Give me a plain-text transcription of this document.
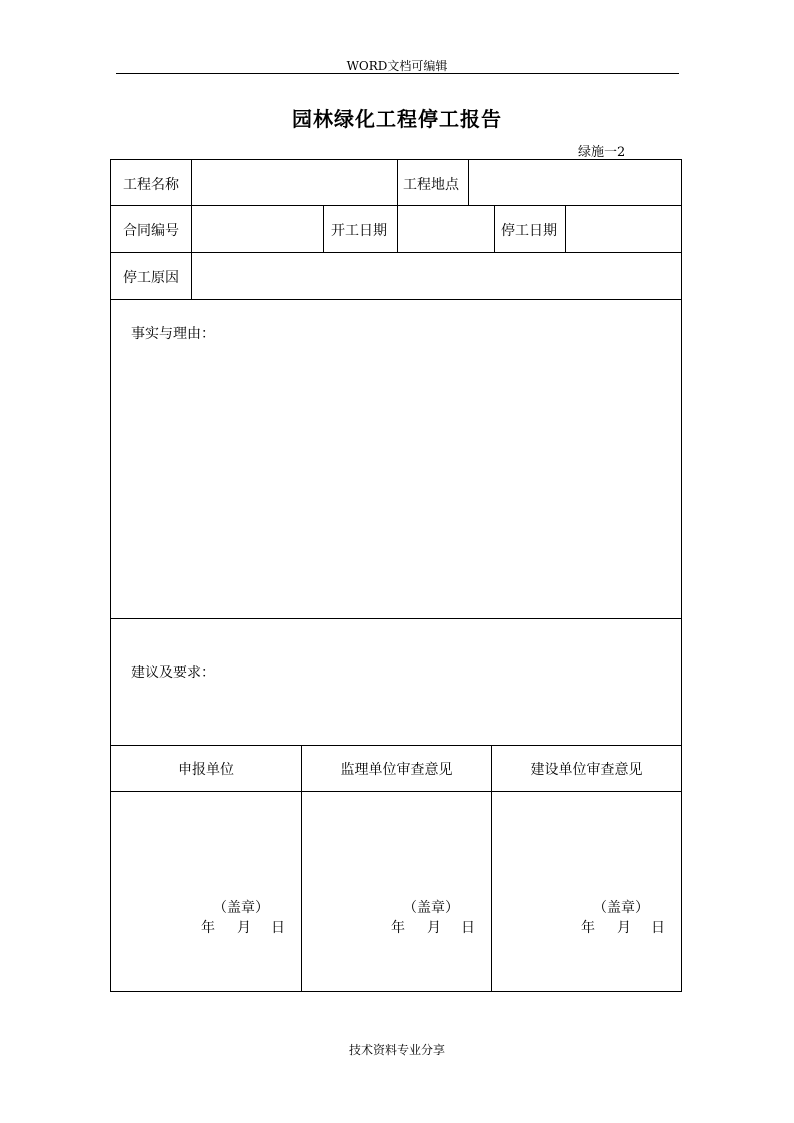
WORD文档可编辑
园林绿化工程停工报告
绿施一2
工程名称	工程地点
合同编号	开工日期	停工日期
停工原因
事实与理由：
建议及要求：
申报单位	监理单位审查意见	建设单位审查意见
（盖章）
年 月 日
（盖章）
年 月 日
（盖章）
年 月 日
技术资料专业分享
